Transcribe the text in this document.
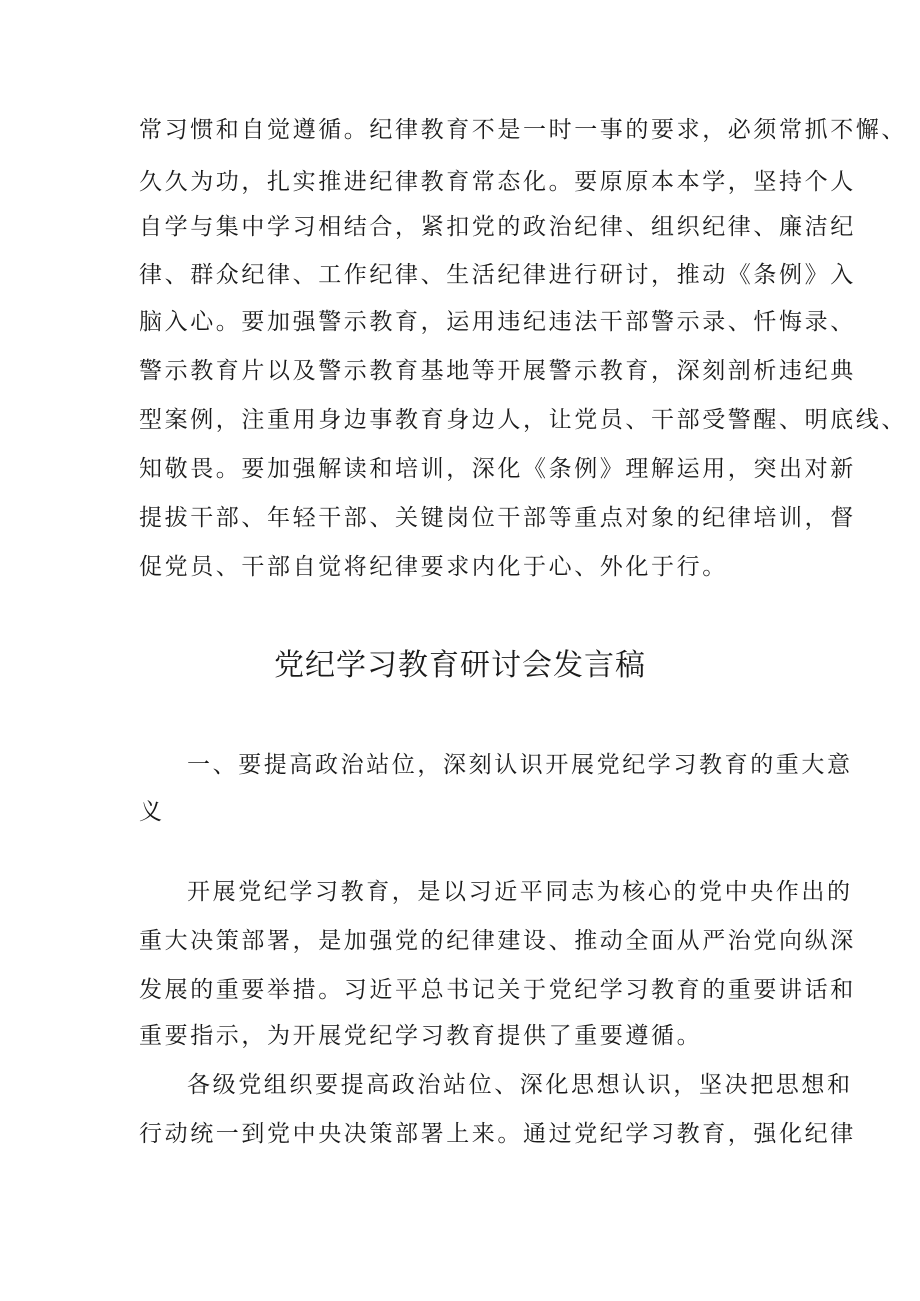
常习惯和自觉遵循。纪律教育不是一时一事的要求，必须常抓不懈、

久久为功，扎实推进纪律教育常态化。要原原本本学，坚持个人

自学与集中学习相结合，紧扣党的政治纪律、组织纪律、廉洁纪

律、群众纪律、工作纪律、生活纪律进行研讨，推动《条例》入

脑入心。要加强警示教育，运用违纪违法干部警示录、忏悔录、

警示教育片以及警示教育基地等开展警示教育，深刻剖析违纪典

型案例，注重用身边事教育身边人，让党员、干部受警醒、明底线、

知敬畏。要加强解读和培训，深化《条例》理解运用，突出对新

提拔干部、年轻干部、关键岗位干部等重点对象的纪律培训，督

促党员、干部自觉将纪律要求内化于心、外化于行。

党纪学习教育研讨会发言稿

一、要提高政治站位，深刻认识开展党纪学习教育的重大意

义

开展党纪学习教育，是以习近平同志为核心的党中央作出的

重大决策部署，是加强党的纪律建设、推动全面从严治党向纵深

发展的重要举措。习近平总书记关于党纪学习教育的重要讲话和

重要指示，为开展党纪学习教育提供了重要遵循。

各级党组织要提高政治站位、深化思想认识，坚决把思想和

行动统一到党中央决策部署上来。通过党纪学习教育，强化纪律
